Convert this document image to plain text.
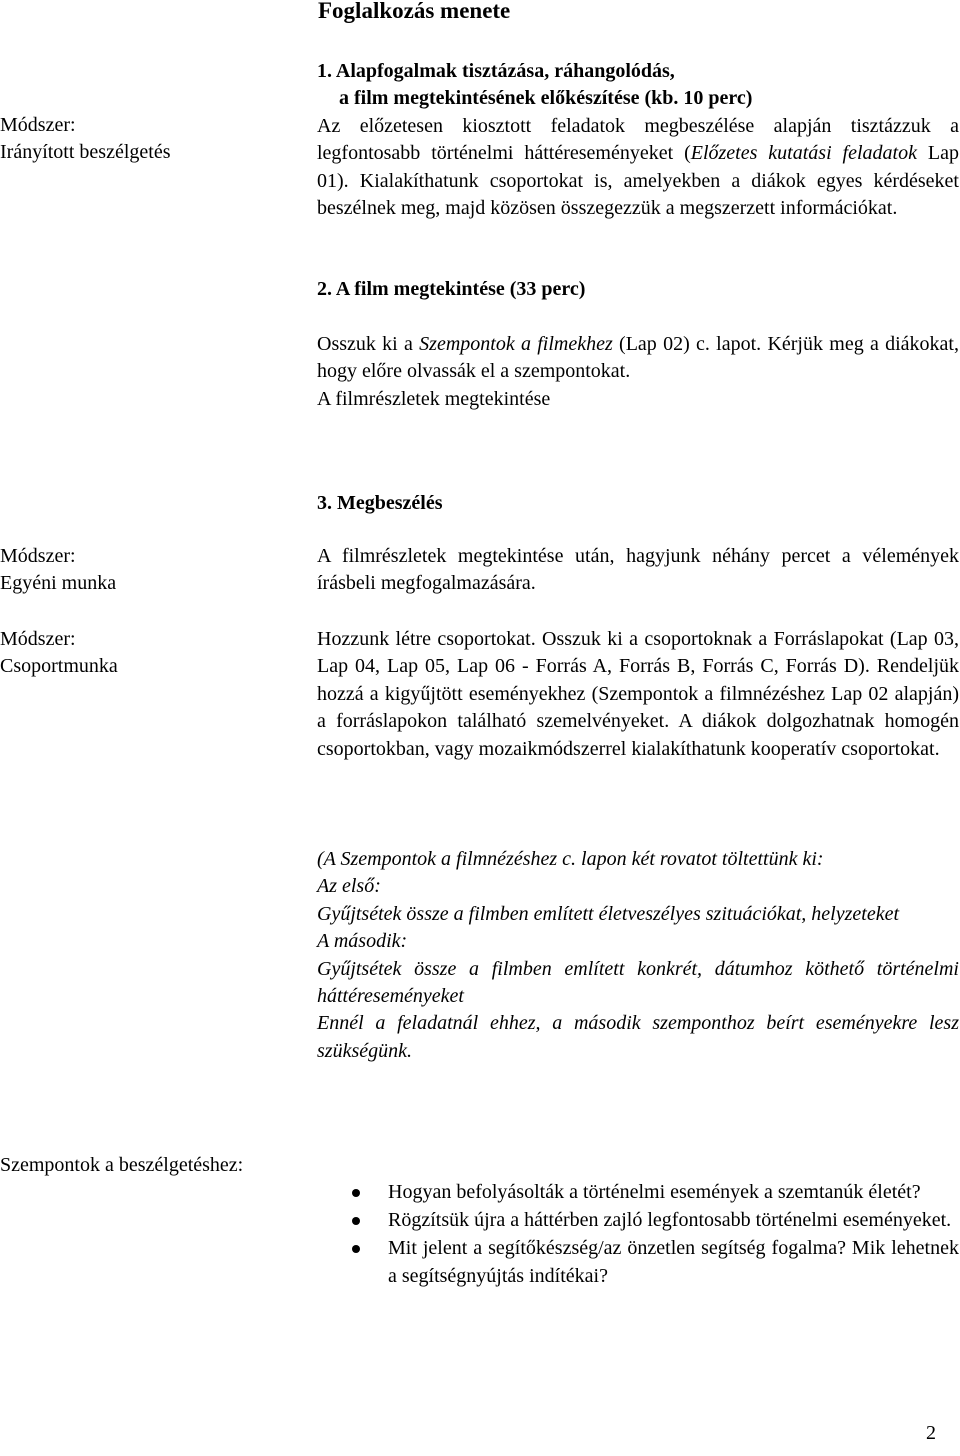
Foglalkozás menete
Módszer:
Irányított beszélgetés
1. Alapfogalmak tisztázása, ráhangolódás,
a film megtekintésének előkészítése (kb. 10 perc)
Az előzetesen kiosztott feladatok megbeszélése alapján tisztázzuk a legfontosabb történelmi háttéreseményeket (Előzetes kutatási feladatok Lap 01). Kialakíthatunk csoportokat is, amelyekben a diákok egyes kérdéseket beszélnek meg, majd közösen összegezzük a megszerzett információkat.
2. A film megtekintése (33 perc)
Osszuk ki a Szempontok a filmekhez (Lap 02) c. lapot. Kérjük meg a diákokat, hogy előre olvassák el a szempontokat.
A filmrészletek megtekintése
3. Megbeszélés
Módszer:
Egyéni munka
A filmrészletek megtekintése után, hagyjunk néhány percet a vélemények írásbeli megfogalmazására.
Módszer:
Csoportmunka
Hozzunk létre csoportokat. Osszuk ki a csoportoknak a Forráslapokat (Lap 03, Lap 04, Lap 05, Lap 06 - Forrás A, Forrás B, Forrás C, Forrás D). Rendeljük hozzá a kigyűjtött eseményekhez (Szempontok a filmnézéshez Lap 02 alapján) a forráslapokon található szemelvényeket. A diákok dolgozhatnak homogén csoportokban, vagy mozaikmódszerrel kialakíthatunk kooperatív csoportokat.
(A Szempontok a filmnézéshez c. lapon két rovatot töltettünk ki:
Az első:
Gyűjtsétek össze a filmben említett életveszélyes szituációkat, helyzeteket
A második:
Gyűjtsétek össze a filmben említett konkrét, dátumhoz köthető történelmi háttéreseményeket
Ennél a feladatnál ehhez, a második szemponthoz beírt eseményekre lesz szükségünk.
Szempontok a beszélgetéshez:
Hogyan befolyásolták a történelmi események a szemtanúk életét?
Rögzítsük újra a háttérben zajló legfontosabb történelmi eseményeket.
Mit jelent a segítőkészség/az önzetlen segítség fogalma? Mik lehetnek a segítségnyújtás indítékai?
2
